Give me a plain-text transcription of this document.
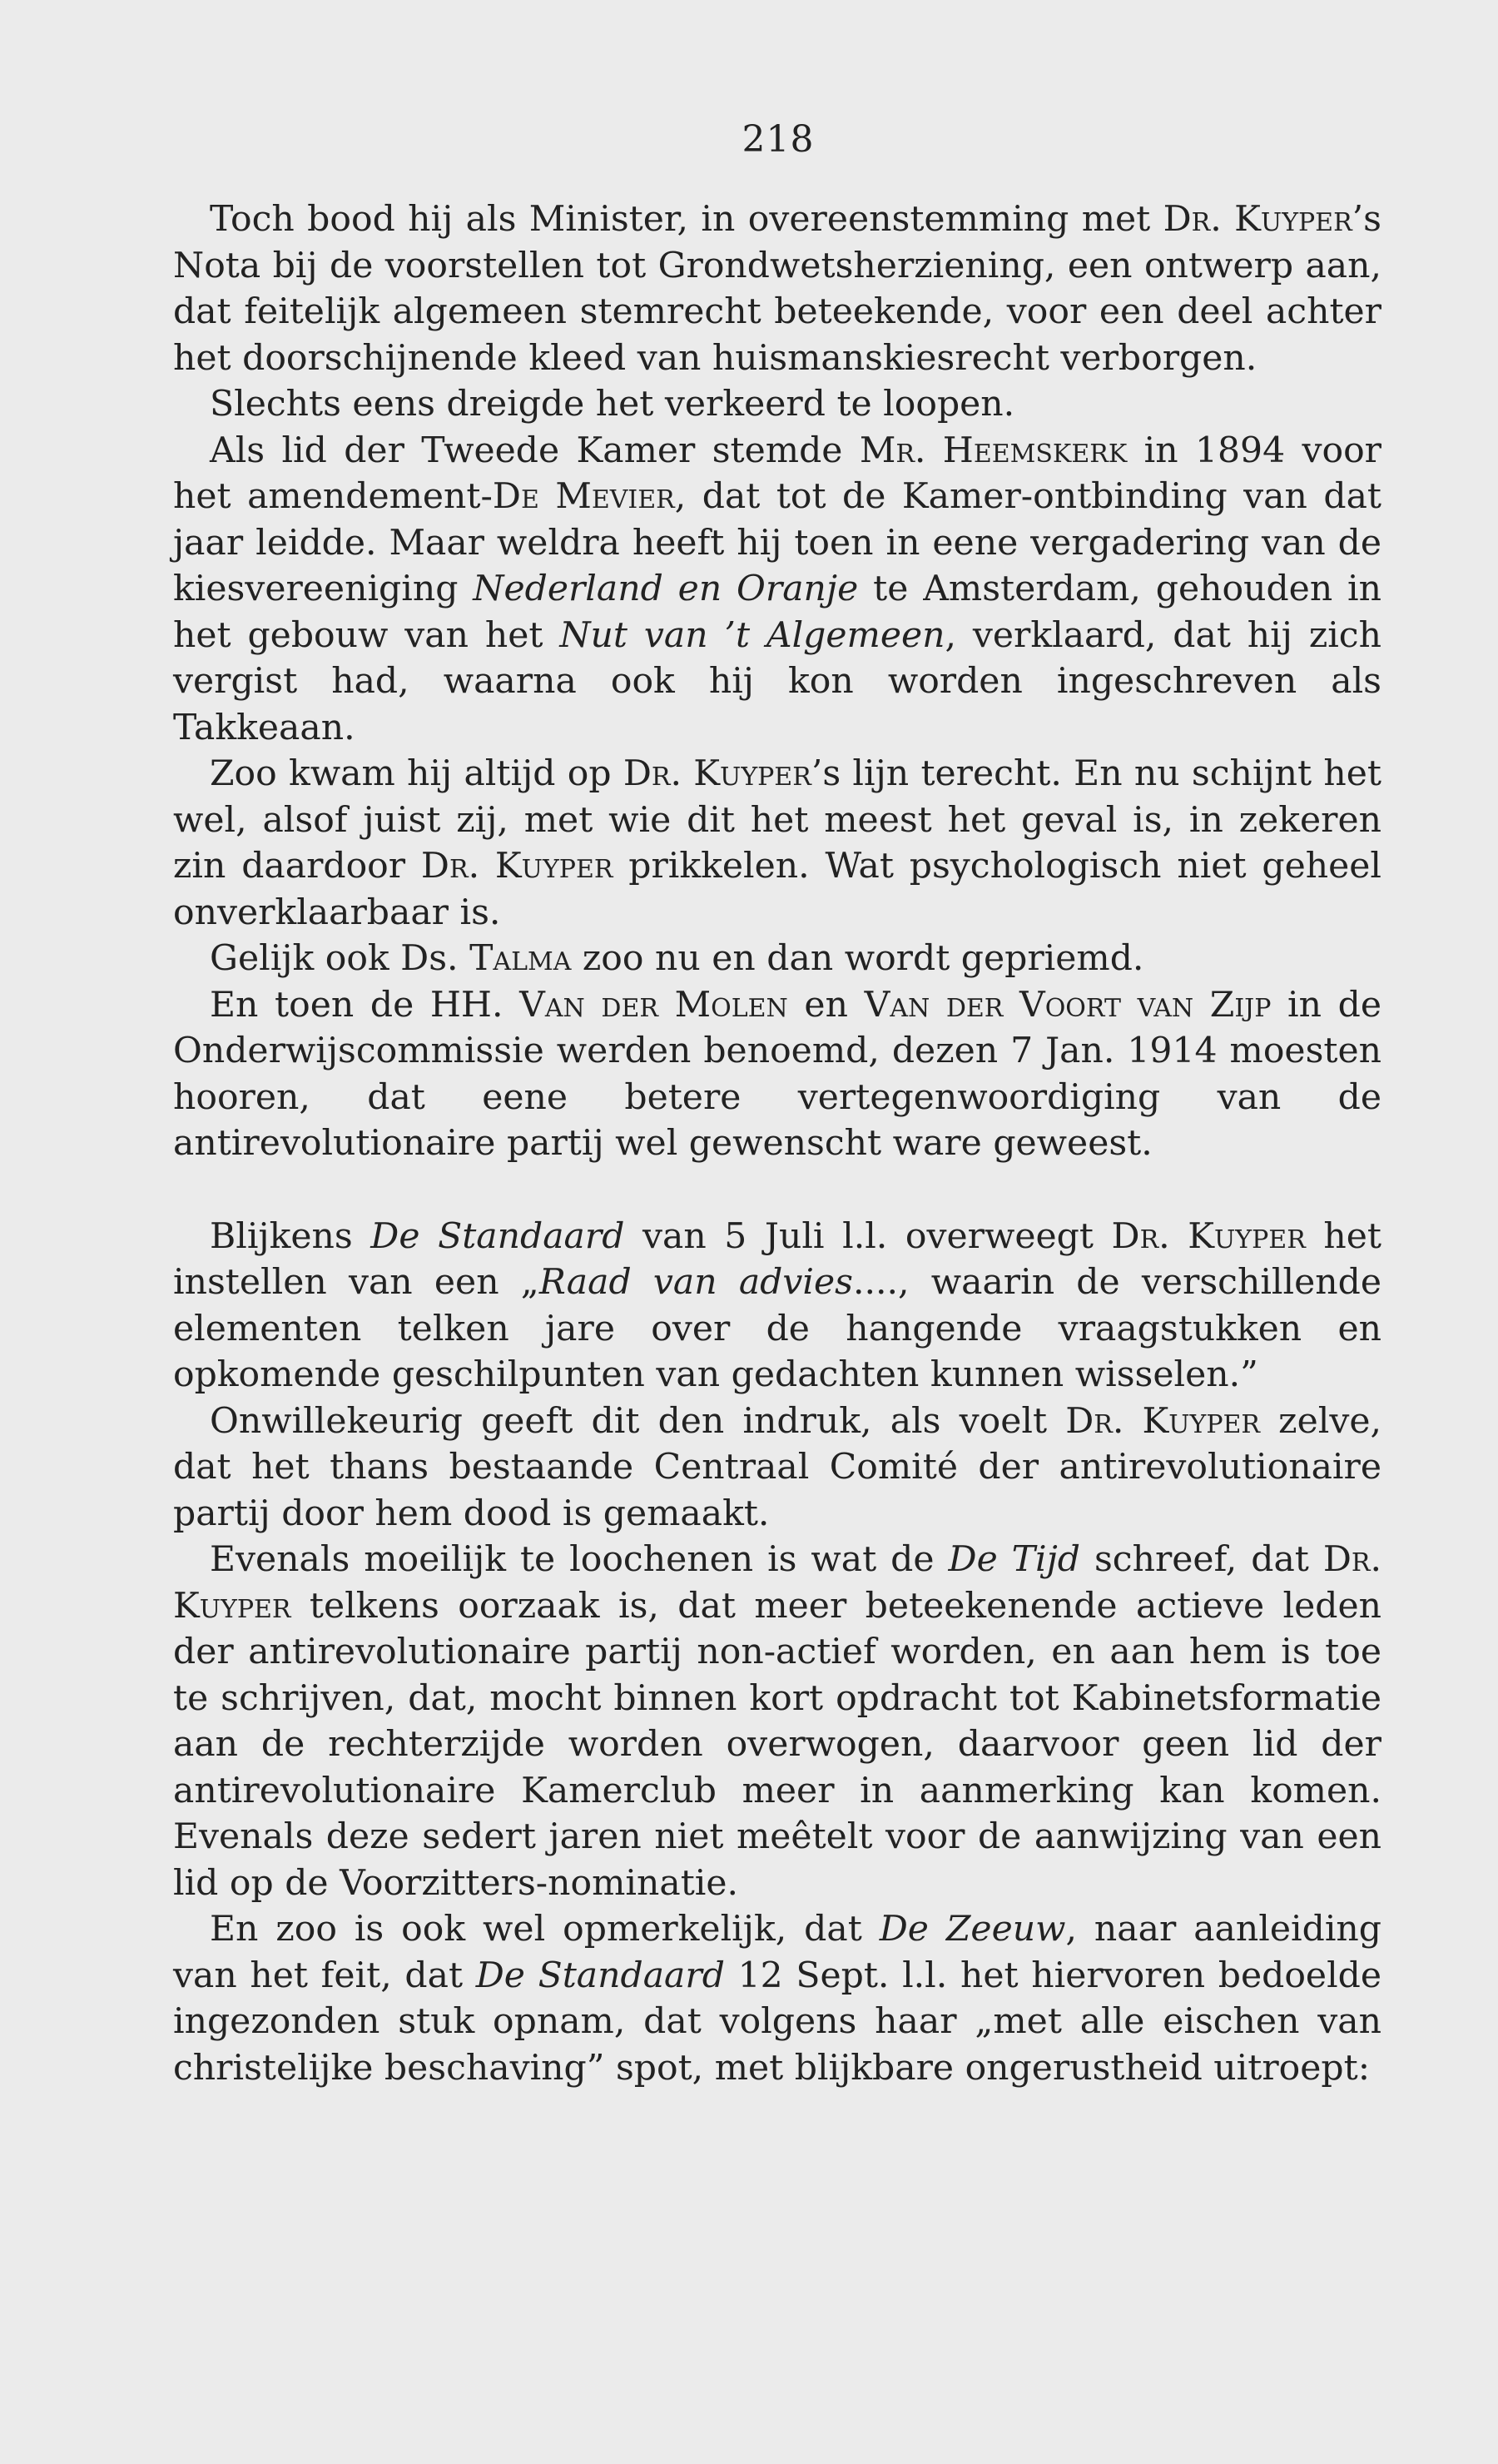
218

Toch bood hij als Minister, in overeenstemming met Dr. Kuyper’s Nota bij de voorstellen tot Grondwetsherziening, een ontwerp aan, dat feitelijk algemeen stemrecht beteekende, voor een deel achter het doorschijnende kleed van huismanskiesrecht verborgen.

Slechts eens dreigde het verkeerd te loopen.

Als lid der Tweede Kamer stemde Mr. Heemskerk in 1894 voor het amendement-De Mevier, dat tot de Kamer-ontbinding van dat jaar leidde. Maar weldra heeft hij toen in eene vergadering van de kiesvereeniging Nederland en Oranje te Amsterdam, gehouden in het gebouw van het Nut van ’t Algemeen, verklaard, dat hij zich vergist had, waarna ook hij kon worden ingeschreven als Takkeaan.

Zoo kwam hij altijd op Dr. Kuyper’s lijn terecht. En nu schijnt het wel, alsof juist zij, met wie dit het meest het geval is, in zekeren zin daardoor Dr. Kuyper prikkelen. Wat psychologisch niet geheel onverklaarbaar is.

Gelijk ook Ds. Talma zoo nu en dan wordt gepriemd.

En toen de HH. Van der Molen en Van der Voort van Zijp in de Onderwijscommissie werden benoemd, dezen 7 Jan. 1914 moesten hooren, dat eene betere vertegenwoordiging van de antirevolutionaire partij wel gewenscht ware geweest.

Blijkens De Standaard van 5 Juli l.l. overweegt Dr. Kuyper het instellen van een „Raad van advies...., waarin de verschillende elementen telken jare over de hangende vraagstukken en opkomende geschilpunten van gedachten kunnen wisselen.”

Onwillekeurig geeft dit den indruk, als voelt Dr. Kuyper zelve, dat het thans bestaande Centraal Comité der antirevolutionaire partij door hem dood is gemaakt.

Evenals moeilijk te loochenen is wat de De Tijd schreef, dat Dr. Kuyper telkens oorzaak is, dat meer beteekenende actieve leden der antirevolutionaire partij non-actief worden, en aan hem is toe te schrijven, dat, mocht binnen kort opdracht tot Kabinetsformatie aan de rechterzijde worden overwogen, daarvoor geen lid der antirevolutionaire Kamerclub meer in aanmerking kan komen. Evenals deze sedert jaren niet meêtelt voor de aanwijzing van een lid op de Voorzitters-nominatie.

En zoo is ook wel opmerkelijk, dat De Zeeuw, naar aanleiding van het feit, dat De Standaard 12 Sept. l.l. het hiervoren bedoelde ingezonden stuk opnam, dat volgens haar „met alle eischen van christelijke beschaving” spot, met blijkbare ongerustheid uitroept:
